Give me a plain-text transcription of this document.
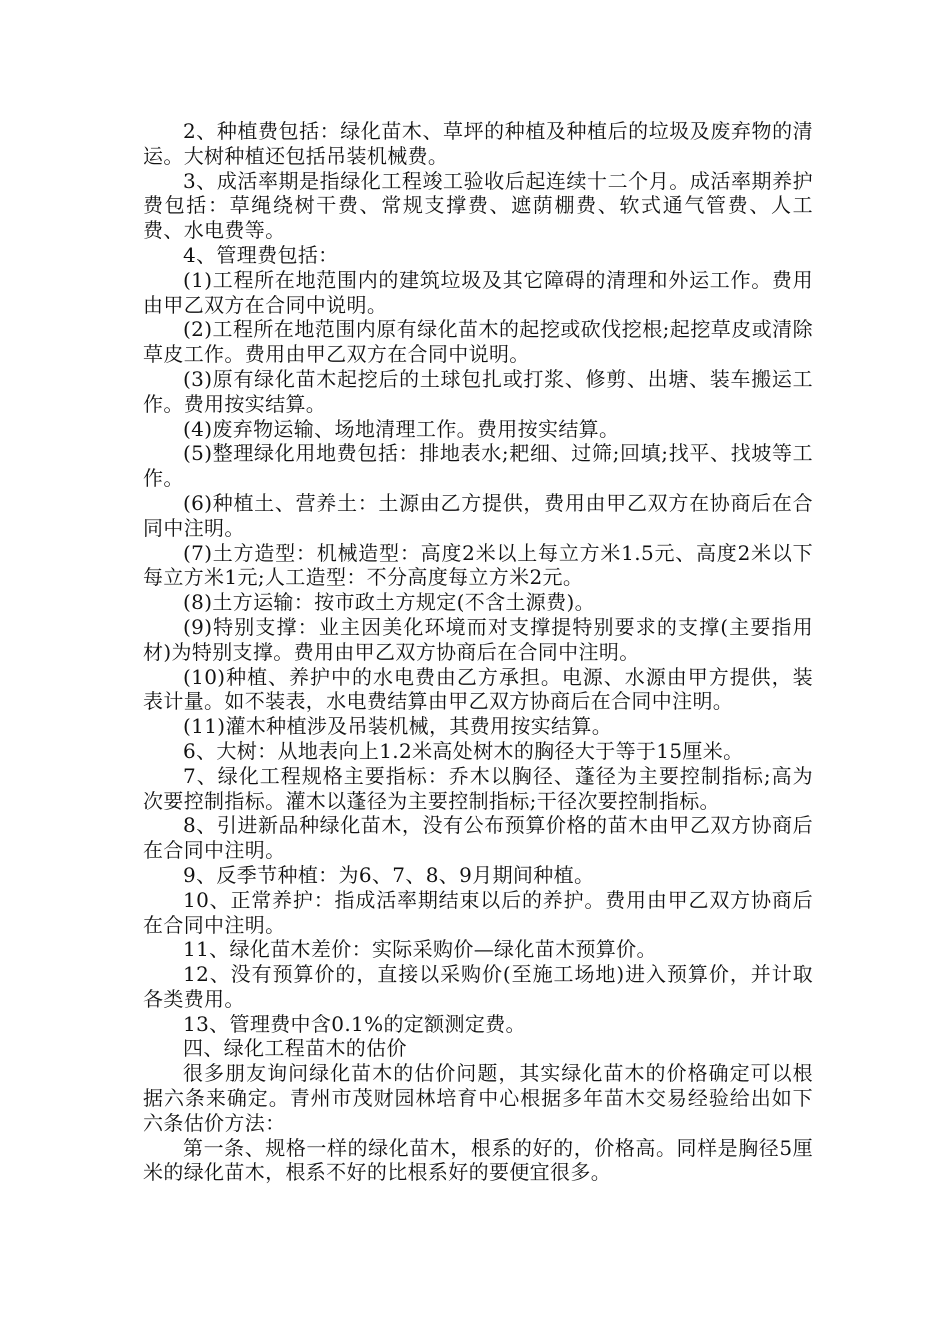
2、种植费包括：绿化苗木、草坪的种植及种植后的垃圾及废弃物的清运。大树种植还包括吊装机械费。

3、成活率期是指绿化工程竣工验收后起连续十二个月。成活率期养护费包括：草绳绕树干费、常规支撑费、遮荫棚费、软式通气管费、人工费、水电费等。

4、管理费包括：

(1)工程所在地范围内的建筑垃圾及其它障碍的清理和外运工作。费用由甲乙双方在合同中说明。

(2)工程所在地范围内原有绿化苗木的起挖或砍伐挖根;起挖草皮或清除草皮工作。费用由甲乙双方在合同中说明。

(3)原有绿化苗木起挖后的土球包扎或打浆、修剪、出塘、装车搬运工作。费用按实结算。

(4)废弃物运输、场地清理工作。费用按实结算。

(5)整理绿化用地费包括：排地表水;耙细、过筛;回填;找平、找坡等工作。

(6)种植土、营养土：土源由乙方提供，费用由甲乙双方在协商后在合同中注明。

(7)土方造型：机械造型：高度2米以上每立方米1.5元、高度2米以下每立方米1元;人工造型：不分高度每立方米2元。

(8)土方运输：按市政土方规定(不含土源费)。

(9)特别支撑：业主因美化环境而对支撑提特别要求的支撑(主要指用材)为特别支撑。费用由甲乙双方协商后在合同中注明。

(10)种植、养护中的水电费由乙方承担。电源、水源由甲方提供，装表计量。如不装表，水电费结算由甲乙双方协商后在合同中注明。

(11)灌木种植涉及吊装机械，其费用按实结算。

6、大树：从地表向上1.2米高处树木的胸径大于等于15厘米。

7、绿化工程规格主要指标：乔木以胸径、蓬径为主要控制指标;高为次要控制指标。灌木以蓬径为主要控制指标;干径次要控制指标。

8、引进新品种绿化苗木，没有公布预算价格的苗木由甲乙双方协商后在合同中注明。

9、反季节种植：为6、7、8、9月期间种植。

10、正常养护：指成活率期结束以后的养护。费用由甲乙双方协商后在合同中注明。

11、绿化苗木差价：实际采购价—绿化苗木预算价。

12、没有预算价的，直接以采购价(至施工场地)进入预算价，并计取各类费用。

13、管理费中含0.1%的定额测定费。

四、绿化工程苗木的估价

很多朋友询问绿化苗木的估价问题，其实绿化苗木的价格确定可以根据六条来确定。青州市茂财园林培育中心根据多年苗木交易经验给出如下六条估价方法：

第一条、规格一样的绿化苗木，根系的好的，价格高。同样是胸径5厘米的绿化苗木，根系不好的比根系好的要便宜很多。
